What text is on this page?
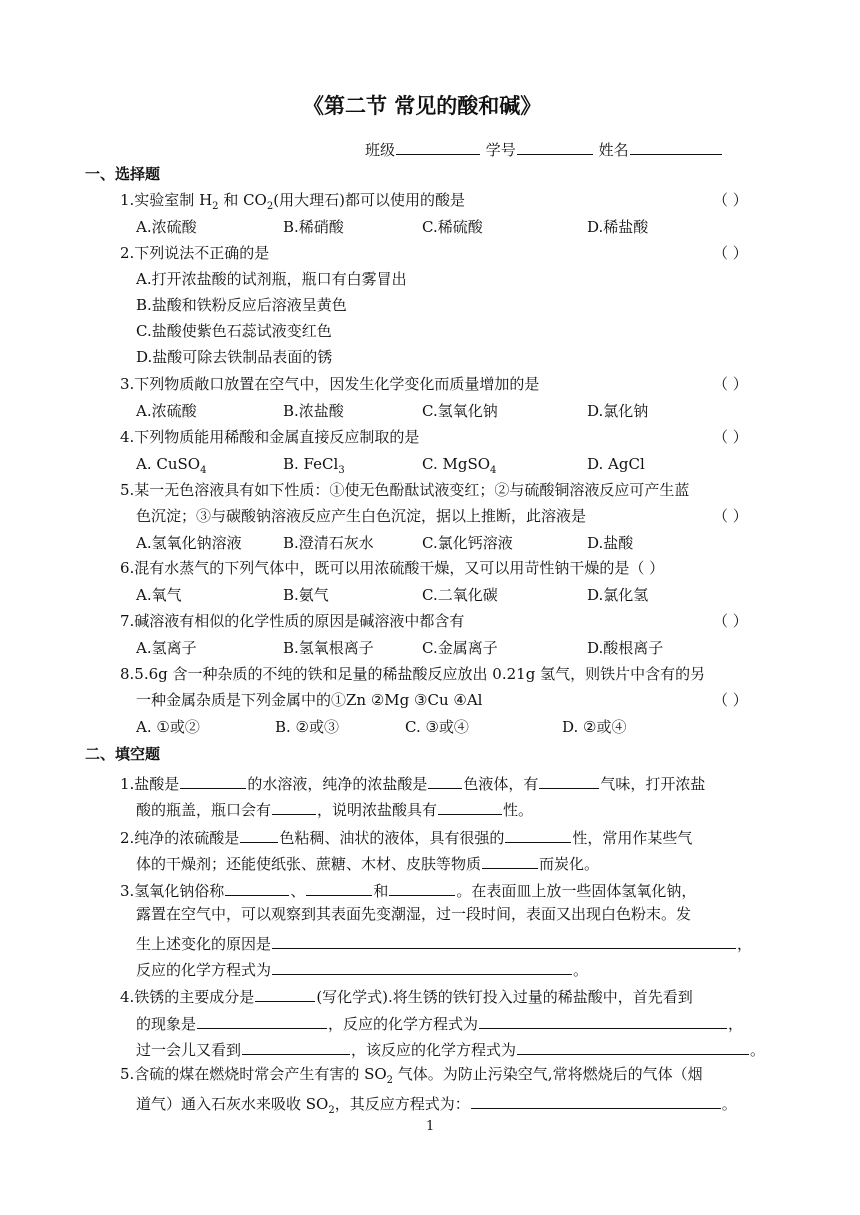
《第二节 常见的酸和碱》
班级	学号	姓名
一、选择题
1.实验室制 $H_2$ 和 $CO_2$(用大理石)都可以使用的酸是	（ ）
A.浓硫酸	B.稀硝酸	C.稀硫酸	D.稀盐酸
2.下列说法不正确的是	（ ）
A.打开浓盐酸的试剂瓶，瓶口有白雾冒出
B.盐酸和铁粉反应后溶液呈黄色
C.盐酸使紫色石蕊试液变红色
D.盐酸可除去铁制品表面的锈
3.下列物质敞口放置在空气中，因发生化学变化而质量增加的是	（ ）
A.浓硫酸	B.浓盐酸	C.氢氧化钠	D.氯化钠
4.下列物质能用稀酸和金属直接反应制取的是	（ ）
A. CuSO$_4$	B. FeCl$_3$	C. MgSO$_4$	D. AgCl
5.某一无色溶液具有如下性质：①使无色酚酞试液变红；②与硫酸铜溶液反应可产生蓝
色沉淀；③与碳酸钠溶液反应产生白色沉淀，据以上推断，此溶液是	（ ）
A.氢氧化钠溶液	B.澄清石灰水	C.氯化钙溶液	D.盐酸
6.混有水蒸气的下列气体中，既可以用浓硫酸干燥，又可以用苛性钠干燥的是（ ）
A.氧气	B.氨气	C.二氧化碳	D.氯化氢
7.碱溶液有相似的化学性质的原因是碱溶液中都含有	（ ）
A.氢离子	B.氢氧根离子	C.金属离子	D.酸根离子
8.5.6g 含一种杂质的不纯的铁和足量的稀盐酸反应放出 0.21g 氢气，则铁片中含有的另
一种金属杂质是下列金属中的①Zn ②Mg ③Cu ④Al	（ ）
A. ①或②	B. ②或③	C. ③或④	D. ②或④
二、填空题
1.盐酸是	的水溶液，纯净的浓盐酸是 色液体，有	气味，打开浓盐
酸的瓶盖，瓶口会有	，说明浓盐酸具有	性。
2.纯净的浓硫酸是	色粘稠、油状的液体，具有很强的	性，常用作某些气
体的干燥剂；还能使纸张、蔗糖、木材、皮肤等物质	而炭化。
3.氢氧化钠俗称	、	和	。在表面皿上放一些固体氢氧化钠，
露置在空气中，可以观察到其表面先变潮湿，过一段时间，表面又出现白色粉末。发
生上述变化的原因是	，
反应的化学方程式为	。
4.铁锈的主要成分是	(写化学式).将生锈的铁钉投入过量的稀盐酸中，首先看到
的现象是	，反应的化学方程式为	，
过一会儿又看到	，该反应的化学方程式为	。
5.含硫的煤在燃烧时常会产生有害的 $SO_2$ 气体。为防止污染空气,常将燃烧后的气体（烟
道气）通入石灰水来吸收 $SO_2$，其反应方程式为：	。
1
